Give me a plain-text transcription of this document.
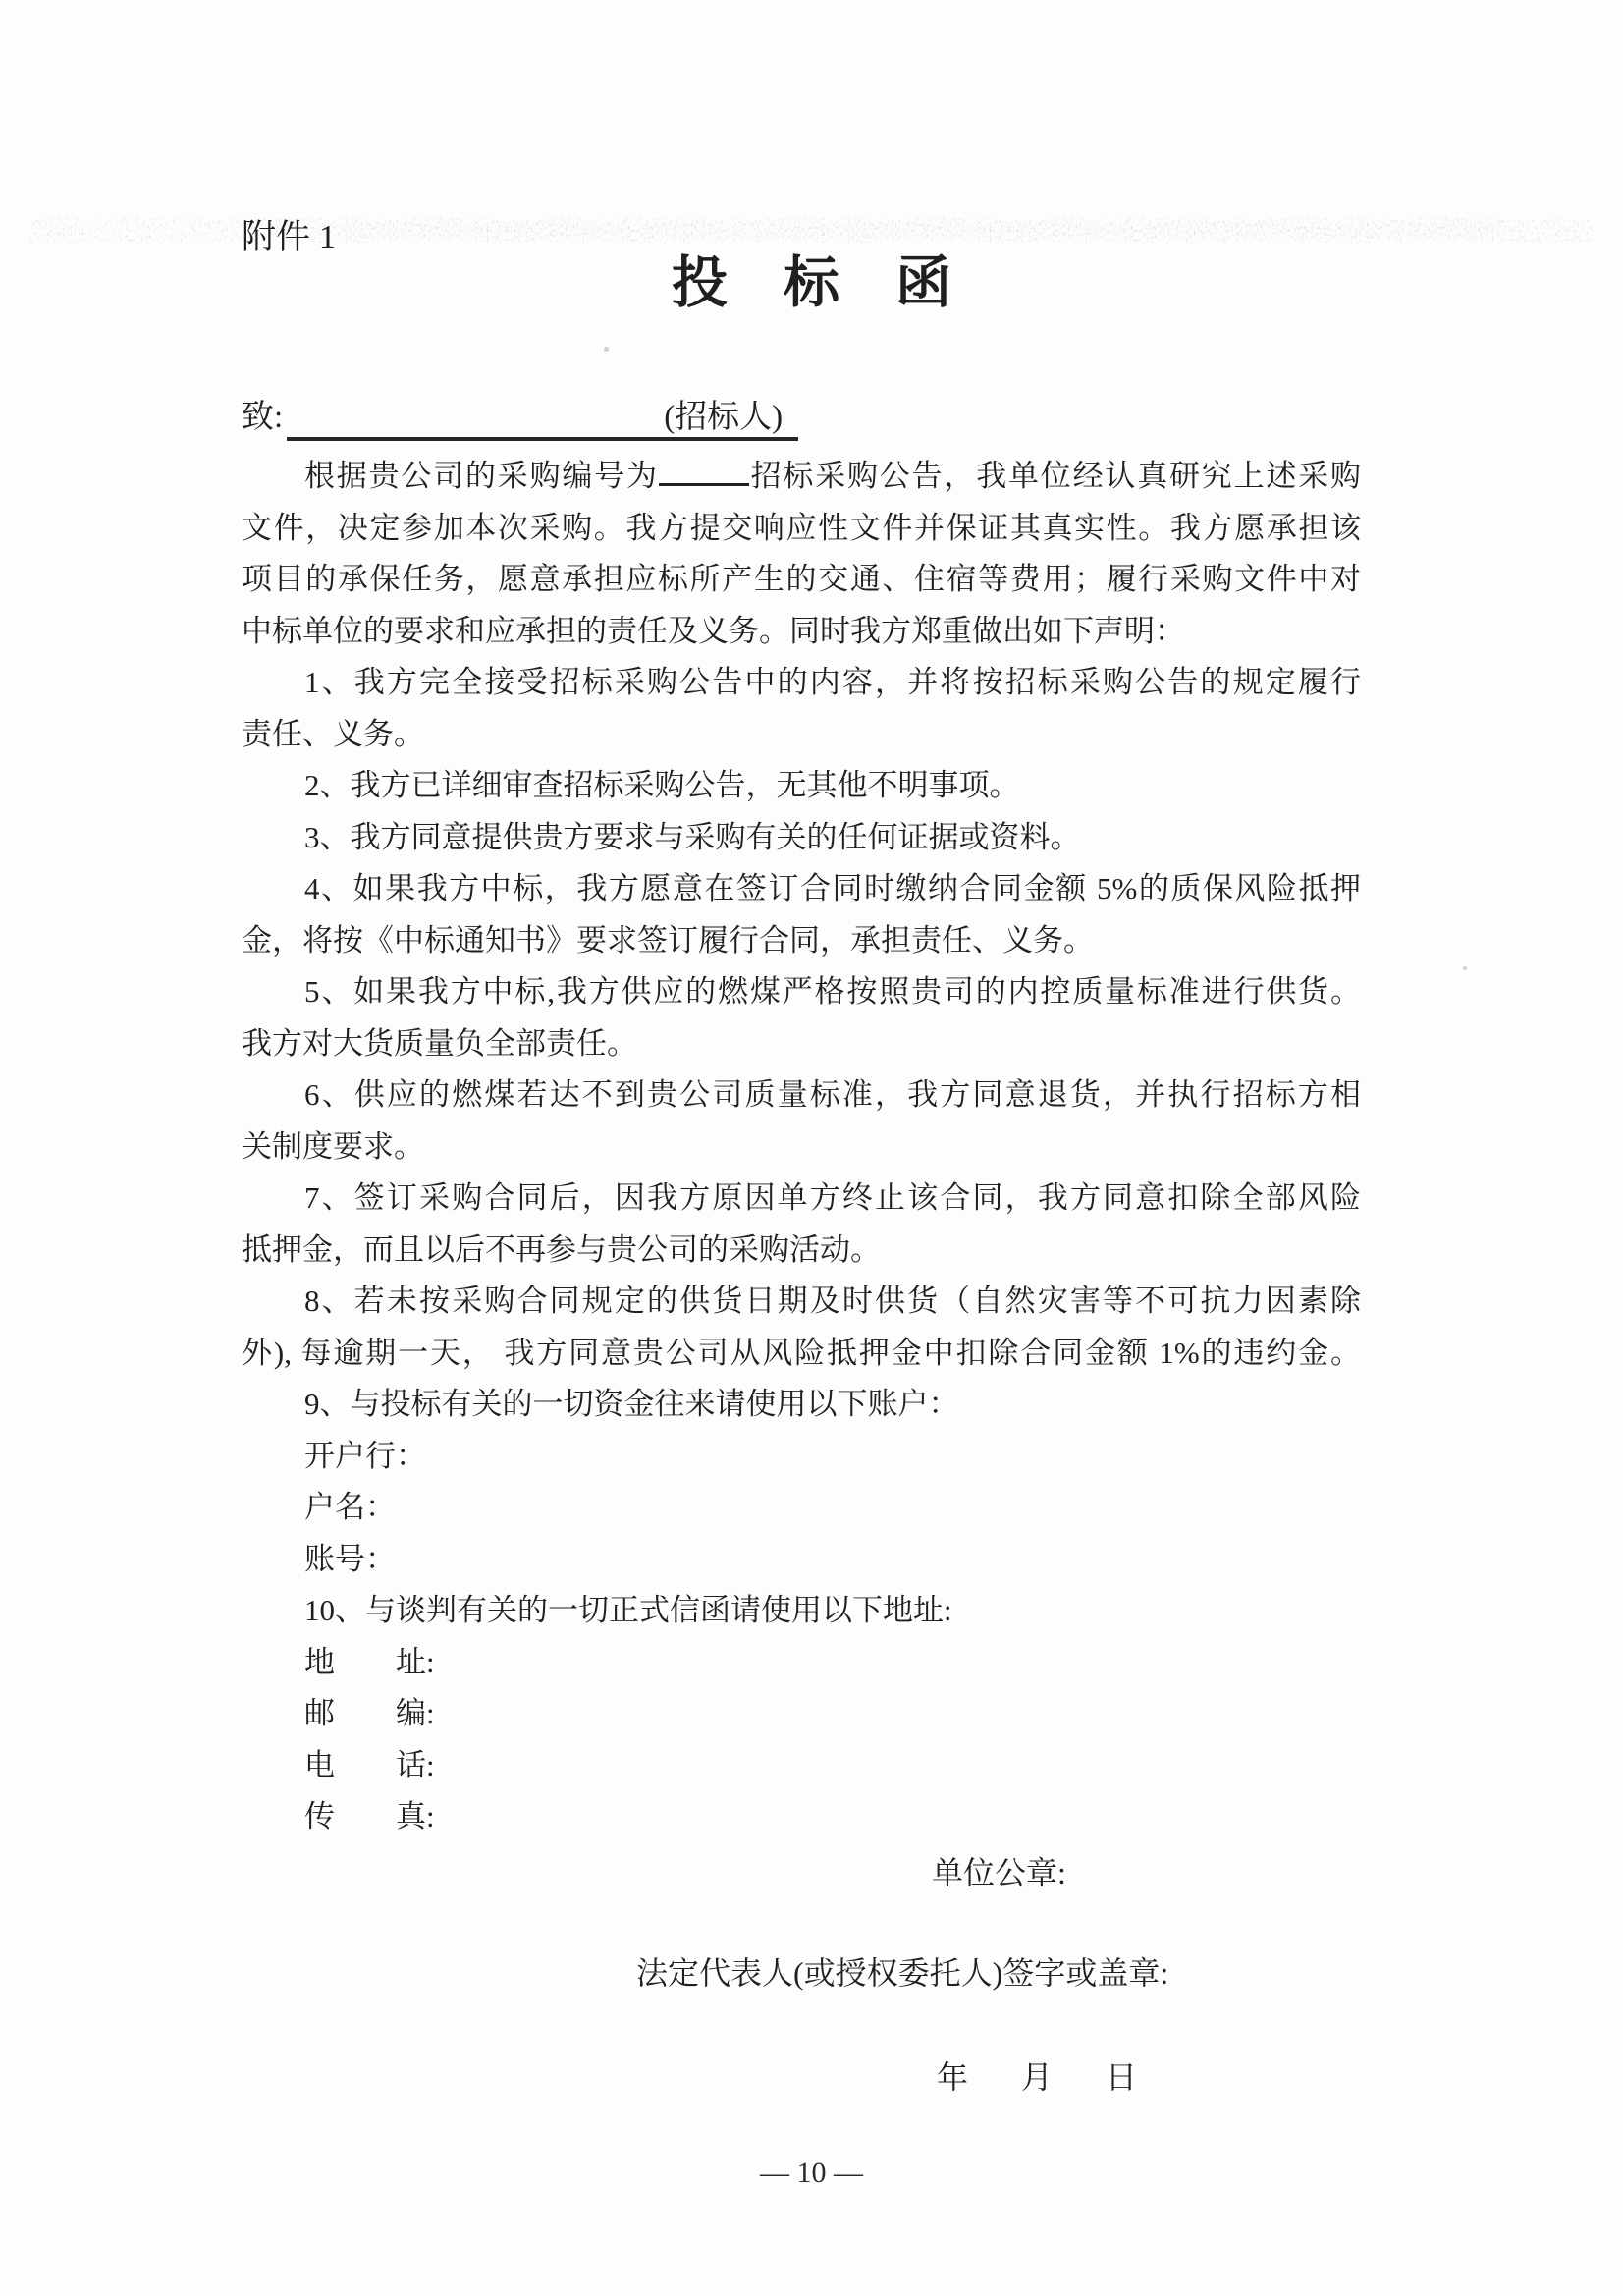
附件 1
投　标　函
致:	(招标人)
根据贵公司的采购编号为	招标采购公告，我单位经认真研究上述采购
文件，决定参加本次采购。我方提交响应性文件并保证其真实性。我方愿承担该
项目的承保任务，愿意承担应标所产生的交通、住宿等费用；履行采购文件中对
中标单位的要求和应承担的责任及义务。同时我方郑重做出如下声明：
1、我方完全接受招标采购公告中的内容，并将按招标采购公告的规定履行
责任、义务。
2、我方已详细审查招标采购公告，无其他不明事项。
3、我方同意提供贵方要求与采购有关的任何证据或资料。
4、如果我方中标，我方愿意在签订合同时缴纳合同金额 5%的质保风险抵押
金，将按《中标通知书》要求签订履行合同，承担责任、义务。
5、如果我方中标,我方供应的燃煤严格按照贵司的内控质量标准进行供货。
我方对大货质量负全部责任。
6、供应的燃煤若达不到贵公司质量标准，我方同意退货，并执行招标方相
关制度要求。
7、签订采购合同后，因我方原因单方终止该合同，我方同意扣除全部风险
抵押金，而且以后不再参与贵公司的采购活动。
8、若未按采购合同规定的供货日期及时供货（自然灾害等不可抗力因素除
外), 每逾期一天， 我方同意贵公司从风险抵押金中扣除合同金额 1%的违约金。
9、与投标有关的一切资金往来请使用以下账户：
开户行：
户名：
账号：
10、与谈判有关的一切正式信函请使用以下地址:
地　　址:
邮　　编:
电　　话:
传　　真:
单位公章:
法定代表人(或授权委托人)签字或盖章:
年　月　日
— 10 —
